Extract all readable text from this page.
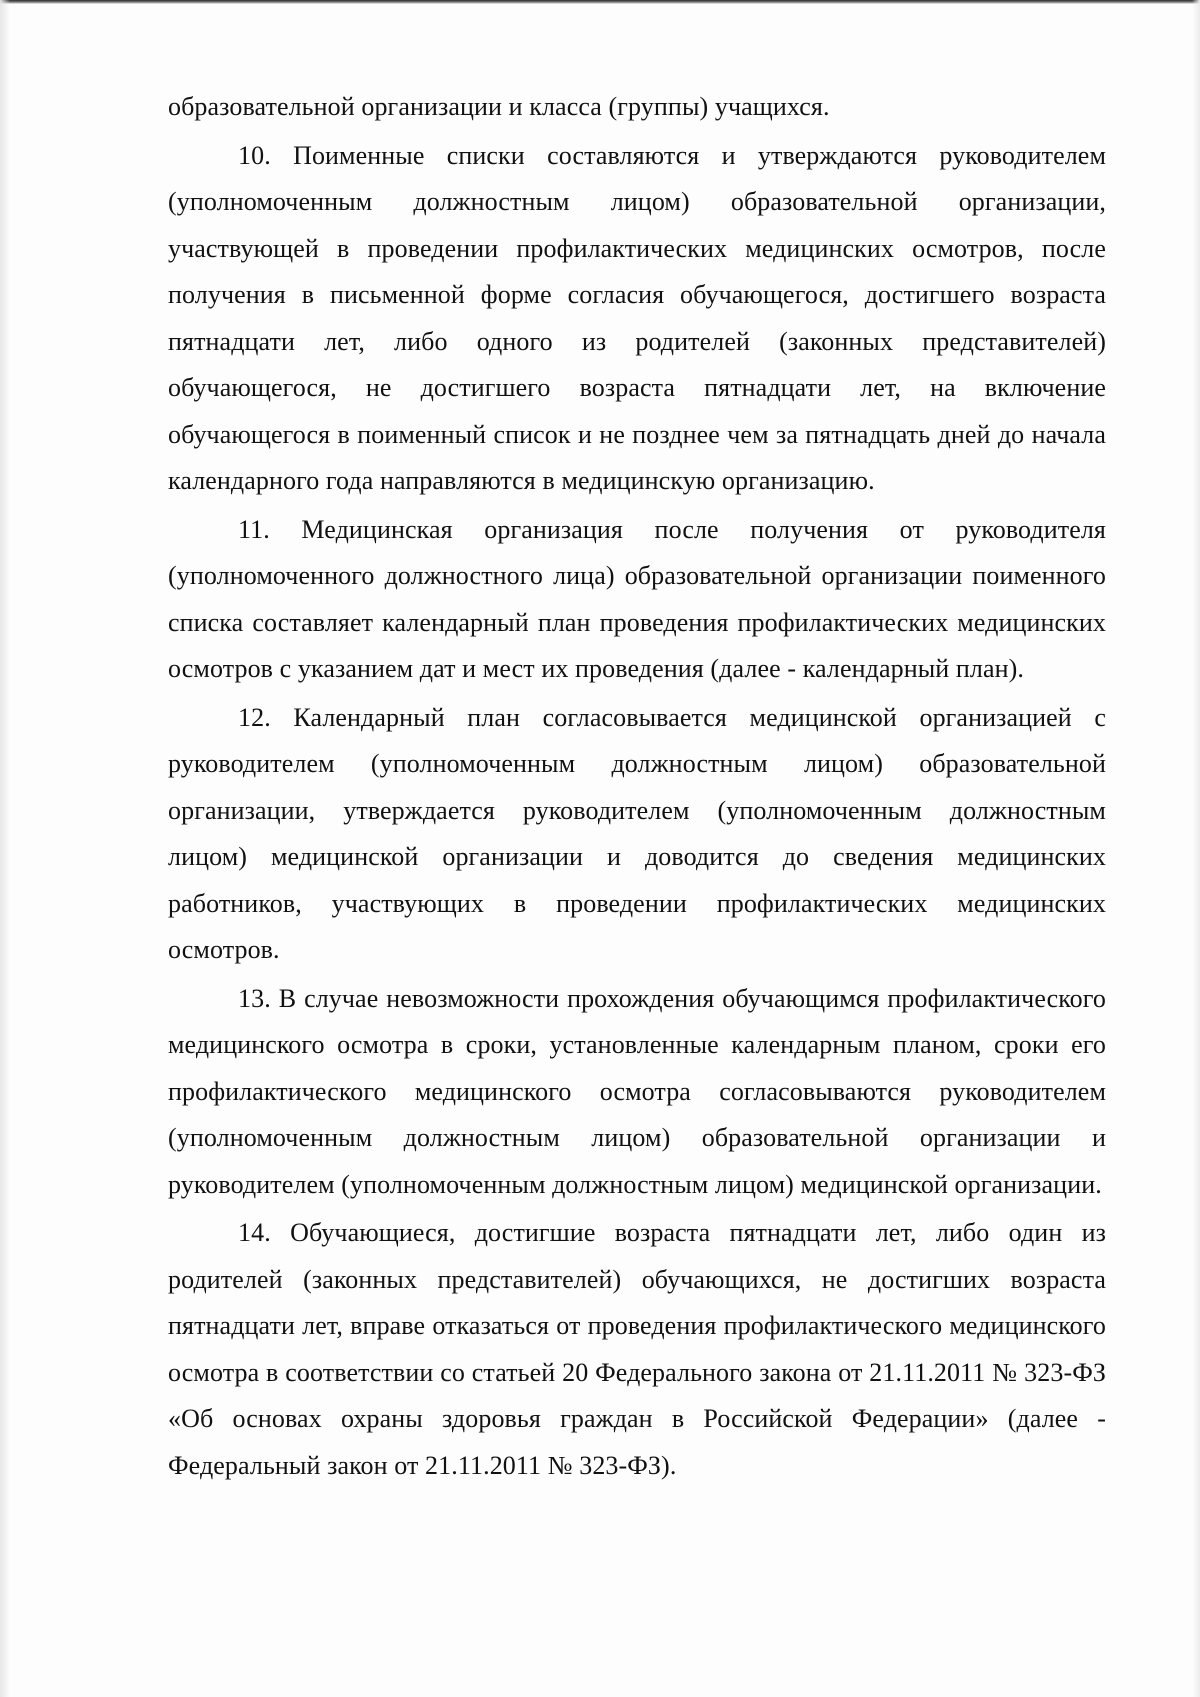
образовательной организации и класса (группы) учащихся.

10. Поименные списки составляются и утверждаются руководителем (уполномоченным должностным лицом) образовательной организации, участвующей в проведении профилактических медицинских осмотров, после получения в письменной форме согласия обучающегося, достигшего возраста пятнадцати лет, либо одного из родителей (законных представителей) обучающегося, не достигшего возраста пятнадцати лет, на включение обучающегося в поименный список и не позднее чем за пятнадцать дней до начала календарного года направляются в медицинскую организацию.

11. Медицинская организация после получения от руководителя (уполномоченного должностного лица) образовательной организации поименного списка составляет календарный план проведения профилактических медицинских осмотров с указанием дат и мест их проведения (далее - календарный план).

12. Календарный план согласовывается медицинской организацией с руководителем (уполномоченным должностным лицом) образовательной организации, утверждается руководителем (уполномоченным должностным лицом) медицинской организации и доводится до сведения медицинских работников, участвующих в проведении профилактических медицинских осмотров.

13. В случае невозможности прохождения обучающимся профилактического медицинского осмотра в сроки, установленные календарным планом, сроки его профилактического медицинского осмотра согласовываются руководителем (уполномоченным должностным лицом) образовательной организации и руководителем (уполномоченным должностным лицом) медицинской организации.

14. Обучающиеся, достигшие возраста пятнадцати лет, либо один из родителей (законных представителей) обучающихся, не достигших возраста пятнадцати лет, вправе отказаться от проведения профилактического медицинского осмотра в соответствии со статьей 20 Федерального закона от 21.11.2011 № 323-ФЗ «Об основах охраны здоровья граждан в Российской Федерации» (далее - Федеральный закон от 21.11.2011 № 323-ФЗ).
